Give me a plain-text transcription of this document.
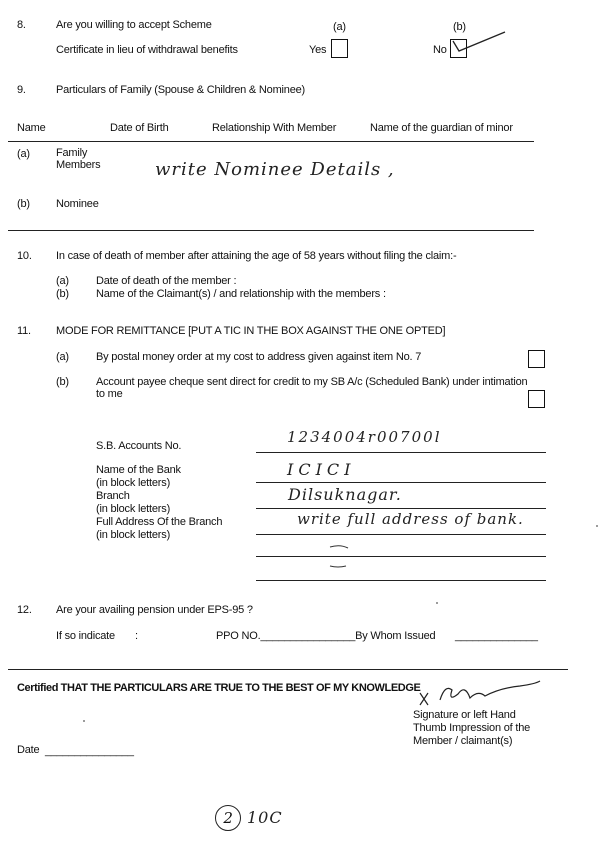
8.	Are you willing to accept Scheme
Certificate in lieu of withdrawal benefits
(a)	(b)
Yes	No
9.	Particulars of Family (Spouse & Children & Nominee)
Name	Date of Birth	Relationship With Member	Name of the guardian of minor
(a) Family
Members	write Nominee Details ,
(b) Nominee
10. In case of death of member after attaining the age of 58 years without filing the claim:-
(a) Date of death of the member :
(b) Name of the Claimant(s) / and relationship with the members :
11. MODE FOR REMITTANCE [PUT A TIC IN THE BOX AGAINST THE ONE OPTED]
(a) By postal money order at my cost to address given against item No. 7
(b) Account payee cheque sent direct for credit to my SB A/c (Scheduled Bank) under intimation
to me
S.B. Accounts No.	1234004r00700l
Name of the Bank
(in block letters)
ICICI
Branch
(in block letters)
Dilsuknagar.
Full Address Of the Branch
(in block letters)
write full address of bank.
12. Are your availing pension under EPS-95 ?
If so indicate :	PPO NO.________________By Whom Issued ______________
Certified THAT THE PARTICULARS ARE TRUE TO THE BEST OF MY KNOWLEDGE
Signature or left Hand
Thumb Impression of the
Member / claimant(s)
Date _______________
2 10C
